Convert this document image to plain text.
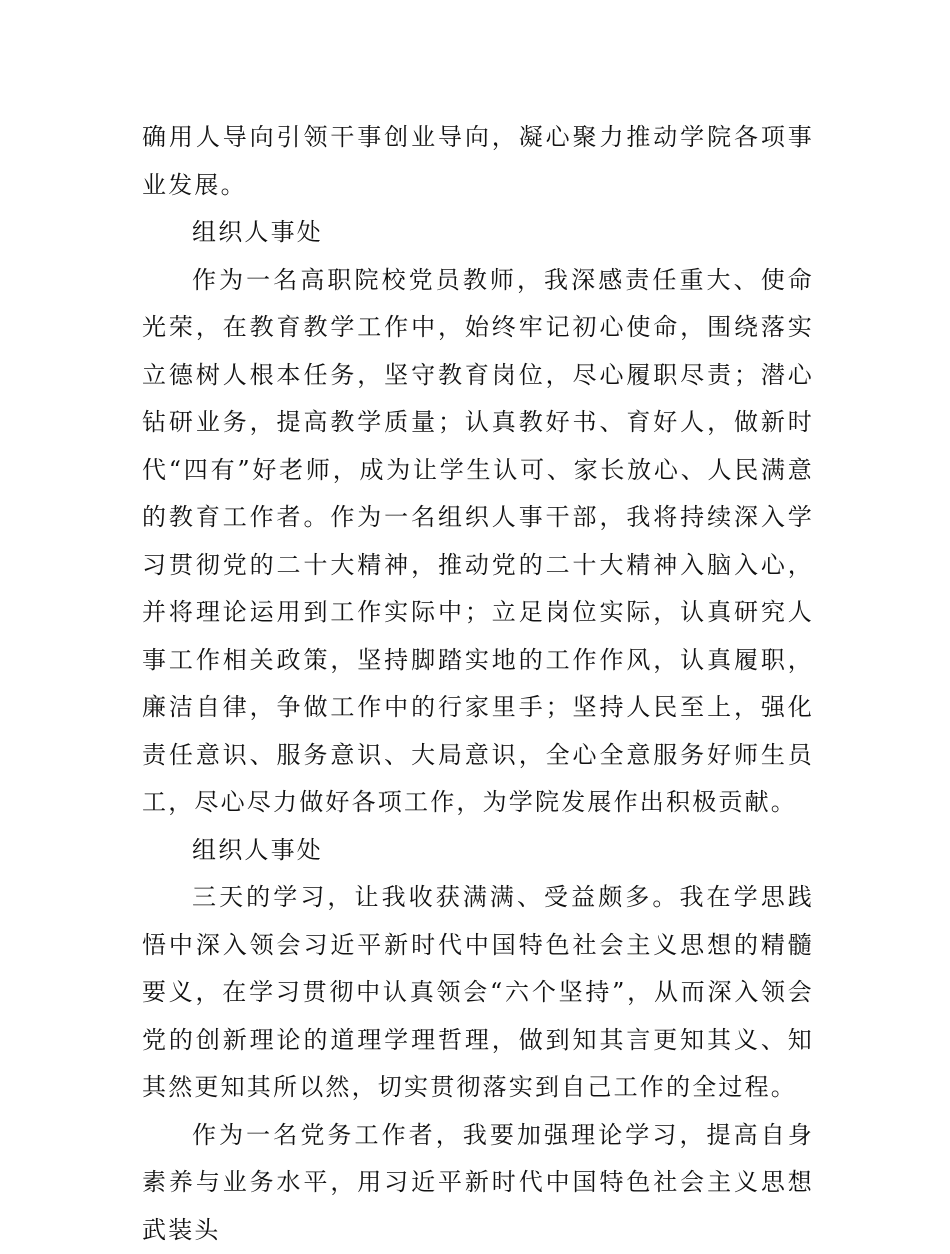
确用人导向引领干事创业导向，凝心聚力推动学院各项事业发展。

组织人事处

作为一名高职院校党员教师，我深感责任重大、使命光荣，在教育教学工作中，始终牢记初心使命，围绕落实立德树人根本任务，坚守教育岗位，尽心履职尽责；潜心钻研业务，提高教学质量；认真教好书、育好人，做新时代“四有”好老师，成为让学生认可、家长放心、人民满意的教育工作者。作为一名组织人事干部，我将持续深入学习贯彻党的二十大精神，推动党的二十大精神入脑入心，并将理论运用到工作实际中；立足岗位实际，认真研究人事工作相关政策，坚持脚踏实地的工作作风，认真履职，廉洁自律，争做工作中的行家里手；坚持人民至上，强化责任意识、服务意识、大局意识，全心全意服务好师生员工，尽心尽力做好各项工作，为学院发展作出积极贡献。

组织人事处

三天的学习，让我收获满满、受益颇多。我在学思践悟中深入领会习近平新时代中国特色社会主义思想的精髓要义，在学习贯彻中认真领会“六个坚持”，从而深入领会党的创新理论的道理学理哲理，做到知其言更知其义、知其然更知其所以然，切实贯彻落实到自己工作的全过程。

作为一名党务工作者，我要加强理论学习，提高自身素养与业务水平，用习近平新时代中国特色社会主义思想武装头
